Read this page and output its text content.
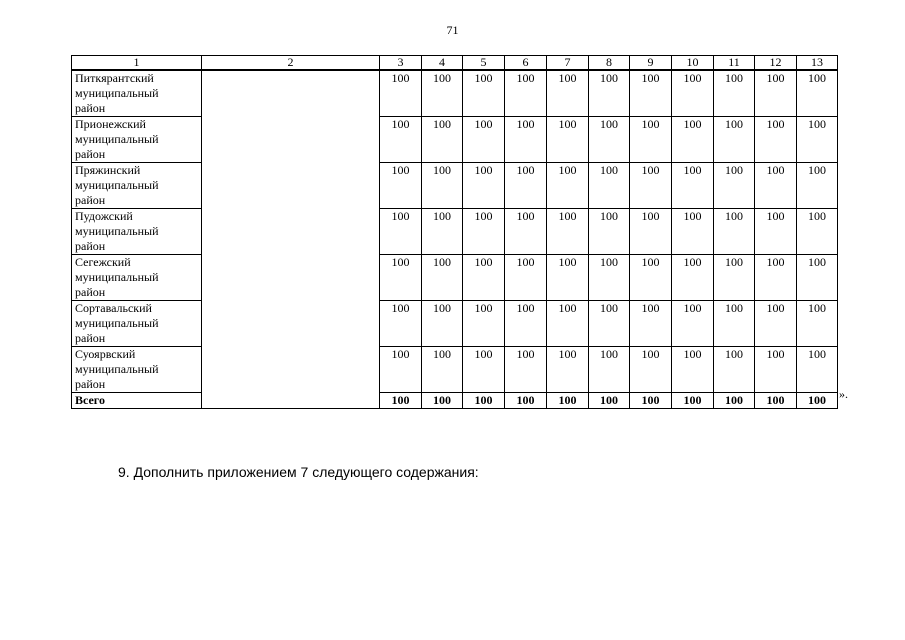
71
1	2	3	4	5	6	7	8	9	10	11	12	13

Питкярантский
муниципальный
район		100	100	100	100	100	100	100	100	100	100	100

Прионежский
муниципальный
район		100	100	100	100	100	100	100	100	100	100	100

Пряжинский
муниципальный
район		100	100	100	100	100	100	100	100	100	100	100

Пудожский
муниципальный
район		100	100	100	100	100	100	100	100	100	100	100

Сегежский
муниципальный
район		100	100	100	100	100	100	100	100	100	100	100

Сортавальский
муниципальный
район		100	100	100	100	100	100	100	100	100	100	100

Суоярвский
муниципальный
район		100	100	100	100	100	100	100	100	100	100	100
Всего		100	100	100	100	100	100	100	100	100	100	100 ».
9. Дополнить приложением 7 следующего содержания:
